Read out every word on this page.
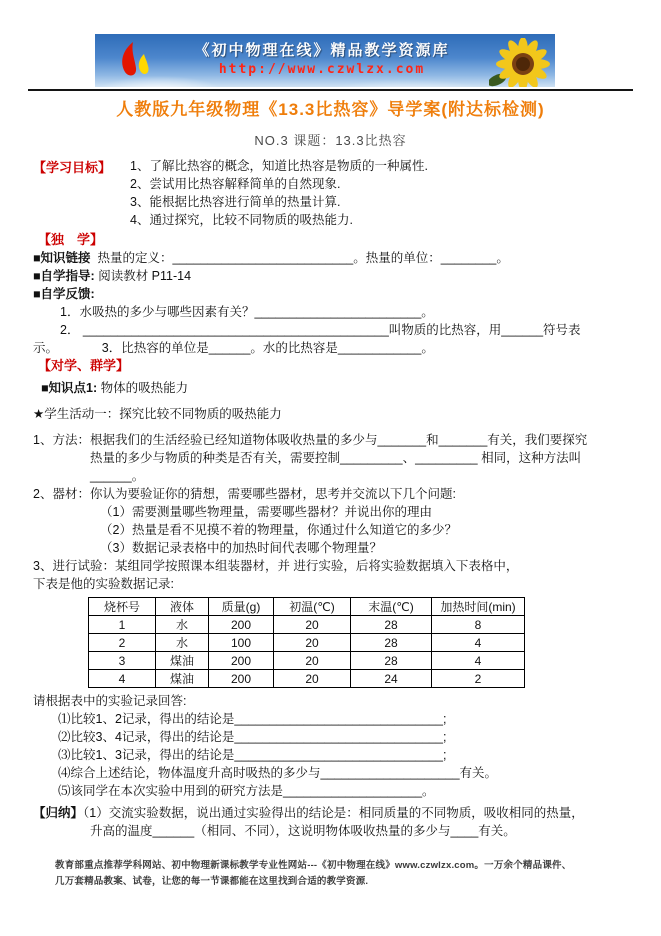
《初中物理在线》精品教学资源库
http://www.czwlzx.com
人教版九年级物理《13.3比热容》导学案(附达标检测)
NO.3 课题：13.3比热容
【学习目标】	1、了解比热容的概念，知道比热容是物质的一种属性.
2、尝试用比热容解释简单的自然现象.
3、能根据比热容进行简单的热量计算.
4、通过探究，比较不同物质的吸热能力.
【独　学】
■知识链接  热量的定义：__________________________。热量的单位：________。
■自学指导: 阅读教材 P11-14
■自学反馈:
1．水吸热的多少与哪些因素有关？________________________。
2． ____________________________________________叫物质的比热容，用______符号表
示。　　　　3．比热容的单位是______。水的比热容是____________。
【对学、群学】
■知识点1: 物体的吸热能力
★学生活动一：探究比较不同物质的吸热能力
1、方法：根据我们的生活经验已经知道物体吸收热量的多少与_______和_______有关，我们要探究
热量的多少与物质的种类是否有关，需要控制_________、_________ 相同，这种方法叫
______。
2、器材：你认为要验证你的猜想，需要哪些器材，思考并交流以下几个问题:
（1）需要测量哪些物理量，需要哪些器材？并说出你的理由
（2）热量是看不见摸不着的物理量，你通过什么知道它的多少？
（3）数据记录表格中的加热时间代表哪个物理量？
3、进行试验：某组同学按照课本组装器材，并 进行实验，后将实验数据填入下表格中，
下表是他的实验数据记录:
烧杯号	液体	质量(g)	初温(℃)	末温(℃)	加热时间(min)
1	水	200	20	28	8
2	水	100	20	28	4
3	煤油	200	20	28	4
4	煤油	200	20	24	2
请根据表中的实验记录回答:
⑴比较1、2记录，得出的结论是______________________________;
⑵比较3、4记录，得出的结论是______________________________;
⑶比较1、3记录，得出的结论是______________________________;
⑷综合上述结论，物体温度升高时吸热的多少与____________________有关。
⑸该同学在本次实验中用到的研究方法是____________________。
【归纳】（1）交流实验数据，说出通过实验得出的结论是：相同质量的不同物质，吸收相同的热量，
升高的温度______（相同、不同），这说明物体吸收热量的多少与____有关。
教育部重点推荐学科网站、初中物理新课标教学专业性网站---《初中物理在线》www.czwlzx.com。一万余个精品课件、
几万套精品教案、试卷，让您的每一节课都能在这里找到合适的教学资源.
